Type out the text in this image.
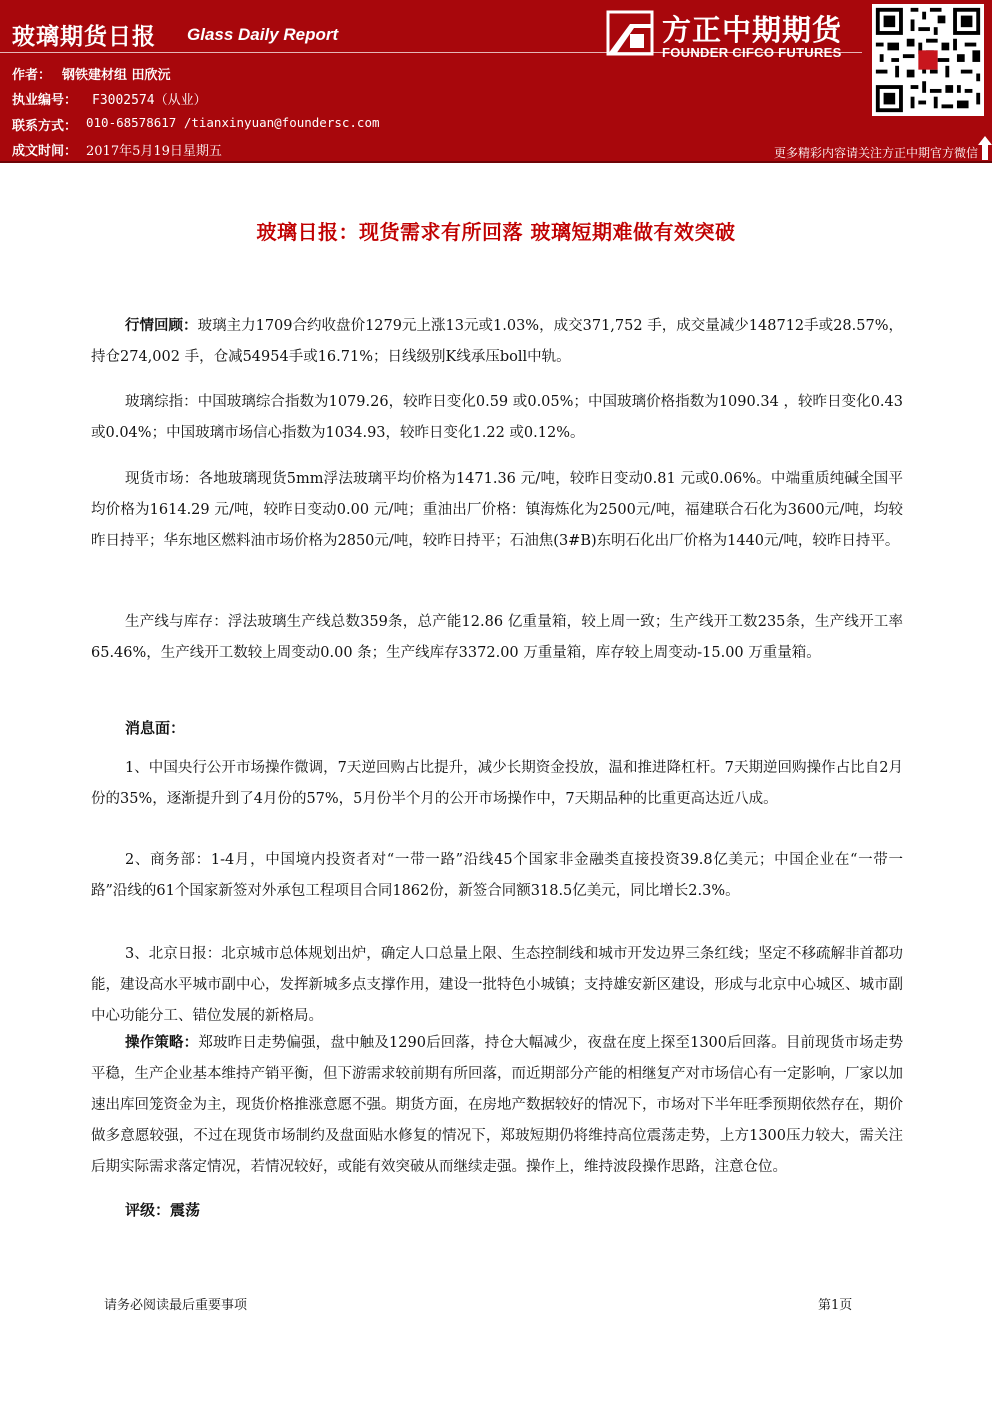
玻璃期货日报 Glass Daily Report
作者： 钢铁建材组 田欣沅
执业编号： F3002574（从业）
联系方式： 010-68578617 /tianxinyuan@foundersc.com
成文时间： 2017年5月19日星期五
方正中期期货
FOUNDER CIFCO FUTURES
更多精彩内容请关注方正中期官方微信
玻璃日报：现货需求有所回落 玻璃短期难做有效突破
行情回顾：玻璃主力1709合约收盘价1279元上涨13元或1.03%，成交371,752 手，成交量减少148712手或28.57%，持仓274,002 手，仓减54954手或16.71%；日线级别K线承压boll中轨。
玻璃综指：中国玻璃综合指数为1079.26，较昨日变化0.59 或0.05%；中国玻璃价格指数为1090.34 ，较昨日变化0.43 或0.04%；中国玻璃市场信心指数为1034.93，较昨日变化1.22 或0.12%。
现货市场：各地玻璃现货5mm浮法玻璃平均价格为1471.36 元/吨，较昨日变动0.81 元或0.06%。中端重质纯碱全国平均价格为1614.29 元/吨，较昨日变动0.00 元/吨；重油出厂价格：镇海炼化为2500元/吨，福建联合石化为3600元/吨，均较昨日持平；华东地区燃料油市场价格为2850元/吨，较昨日持平；石油焦(3#B)东明石化出厂价格为1440元/吨，较昨日持平。
生产线与库存：浮法玻璃生产线总数359条，总产能12.86 亿重量箱，较上周一致；生产线开工数235条，生产线开工率65.46%，生产线开工数较上周变动0.00 条；生产线库存3372.00 万重量箱，库存较上周变动-15.00 万重量箱。
消息面：
1、中国央行公开市场操作微调，7天逆回购占比提升，减少长期资金投放，温和推进降杠杆。7天期逆回购操作占比自2月份的35%，逐渐提升到了4月份的57%，5月份半个月的公开市场操作中，7天期品种的比重更高达近八成。
2、商务部：1-4月，中国境内投资者对“一带一路”沿线45个国家非金融类直接投资39.8亿美元；中国企业在“一带一路”沿线的61个国家新签对外承包工程项目合同1862份，新签合同额318.5亿美元，同比增长2.3%。
3、北京日报：北京城市总体规划出炉，确定人口总量上限、生态控制线和城市开发边界三条红线；坚定不移疏解非首都功能，建设高水平城市副中心，发挥新城多点支撑作用，建设一批特色小城镇；支持雄安新区建设，形成与北京中心城区、城市副中心功能分工、错位发展的新格局。
操作策略：郑玻昨日走势偏强，盘中触及1290后回落，持仓大幅减少，夜盘在度上探至1300后回落。目前现货市场走势平稳，生产企业基本维持产销平衡，但下游需求较前期有所回落，而近期部分产能的相继复产对市场信心有一定影响，厂家以加速出库回笼资金为主，现货价格推涨意愿不强。期货方面，在房地产数据较好的情况下，市场对下半年旺季预期依然存在，期价做多意愿较强，不过在现货市场制约及盘面贴水修复的情况下，郑玻短期仍将维持高位震荡走势，上方1300压力较大，需关注后期实际需求落定情况，若情况较好，或能有效突破从而继续走强。操作上，维持波段操作思路，注意仓位。
评级：震荡
请务必阅读最后重要事项	第1页
